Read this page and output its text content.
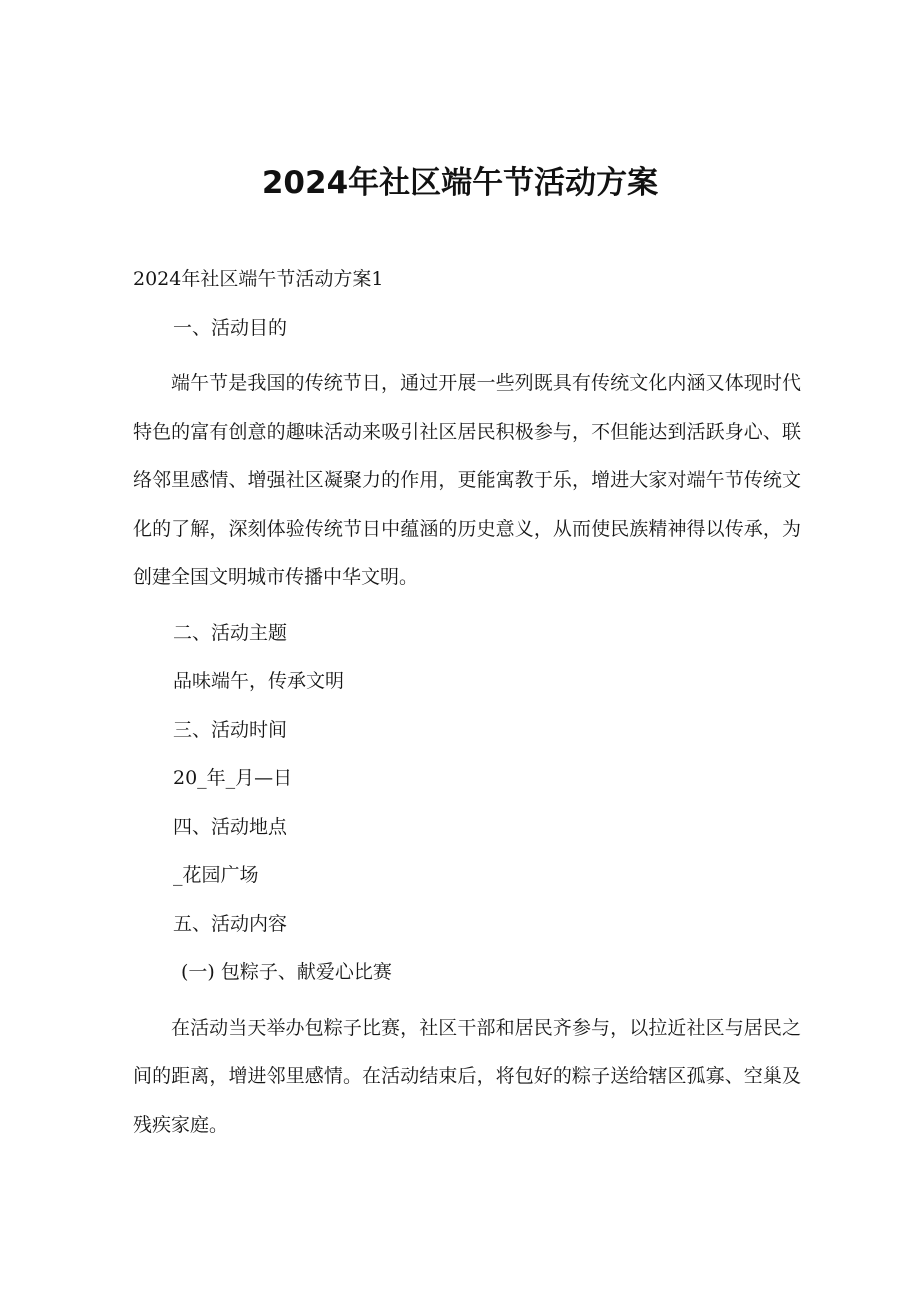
2024年社区端午节活动方案
2024年社区端午节活动方案1
一、活动目的

端午节是我国的传统节日，通过开展一些列既具有传统文化内涵又体现时代特色的富有创意的趣味活动来吸引社区居民积极参与，不但能达到活跃身心、联络邻里感情、增强社区凝聚力的作用，更能寓教于乐，增进大家对端午节传统文化的了解，深刻体验传统节日中蕴涵的历史意义，从而使民族精神得以传承，为创建全国文明城市传播中华文明。

二、活动主题
品味端午，传承文明
三、活动时间
20_年_月—日
四、活动地点
_花园广场
五、活动内容
(一) 包粽子、献爱心比赛

在活动当天举办包粽子比赛，社区干部和居民齐参与，以拉近社区与居民之间的距离，增进邻里感情。在活动结束后，将包好的粽子送给辖区孤寡、空巢及残疾家庭。
